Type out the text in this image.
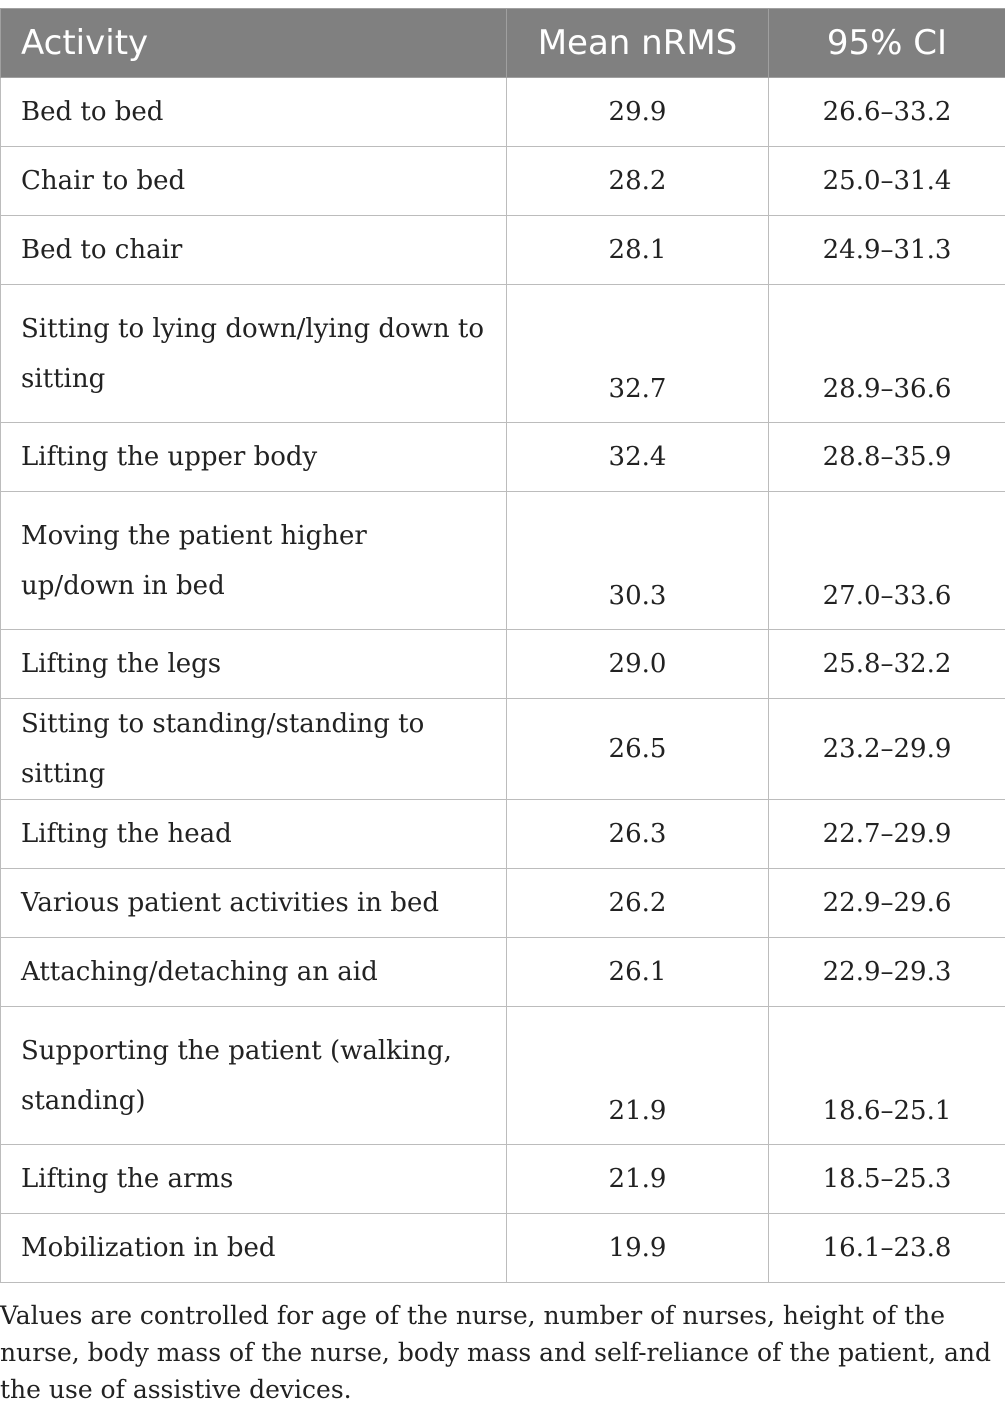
Activity	Mean nRMS	95% CI
Bed to bed	29.9	26.6–33.2
Chair to bed	28.2	25.0–31.4
Bed to chair	28.1	24.9–31.3
Sitting to lying down/lying down to sitting	32.7	28.9–36.6
Lifting the upper body	32.4	28.8–35.9
Moving the patient higher up/down in bed	30.3	27.0–33.6
Lifting the legs	29.0	25.8–32.2
Sitting to standing/standing to sitting	26.5	23.2–29.9
Lifting the head	26.3	22.7–29.9
Various patient activities in bed	26.2	22.9–29.6
Attaching/detaching an aid	26.1	22.9–29.3
Supporting the patient (walking, standing)	21.9	18.6–25.1
Lifting the arms	21.9	18.5–25.3
Mobilization in bed	19.9	16.1–23.8

Values are controlled for age of the nurse, number of nurses, height of the nurse, body mass of the nurse, body mass and self-reliance of the patient, and the use of assistive devices.
